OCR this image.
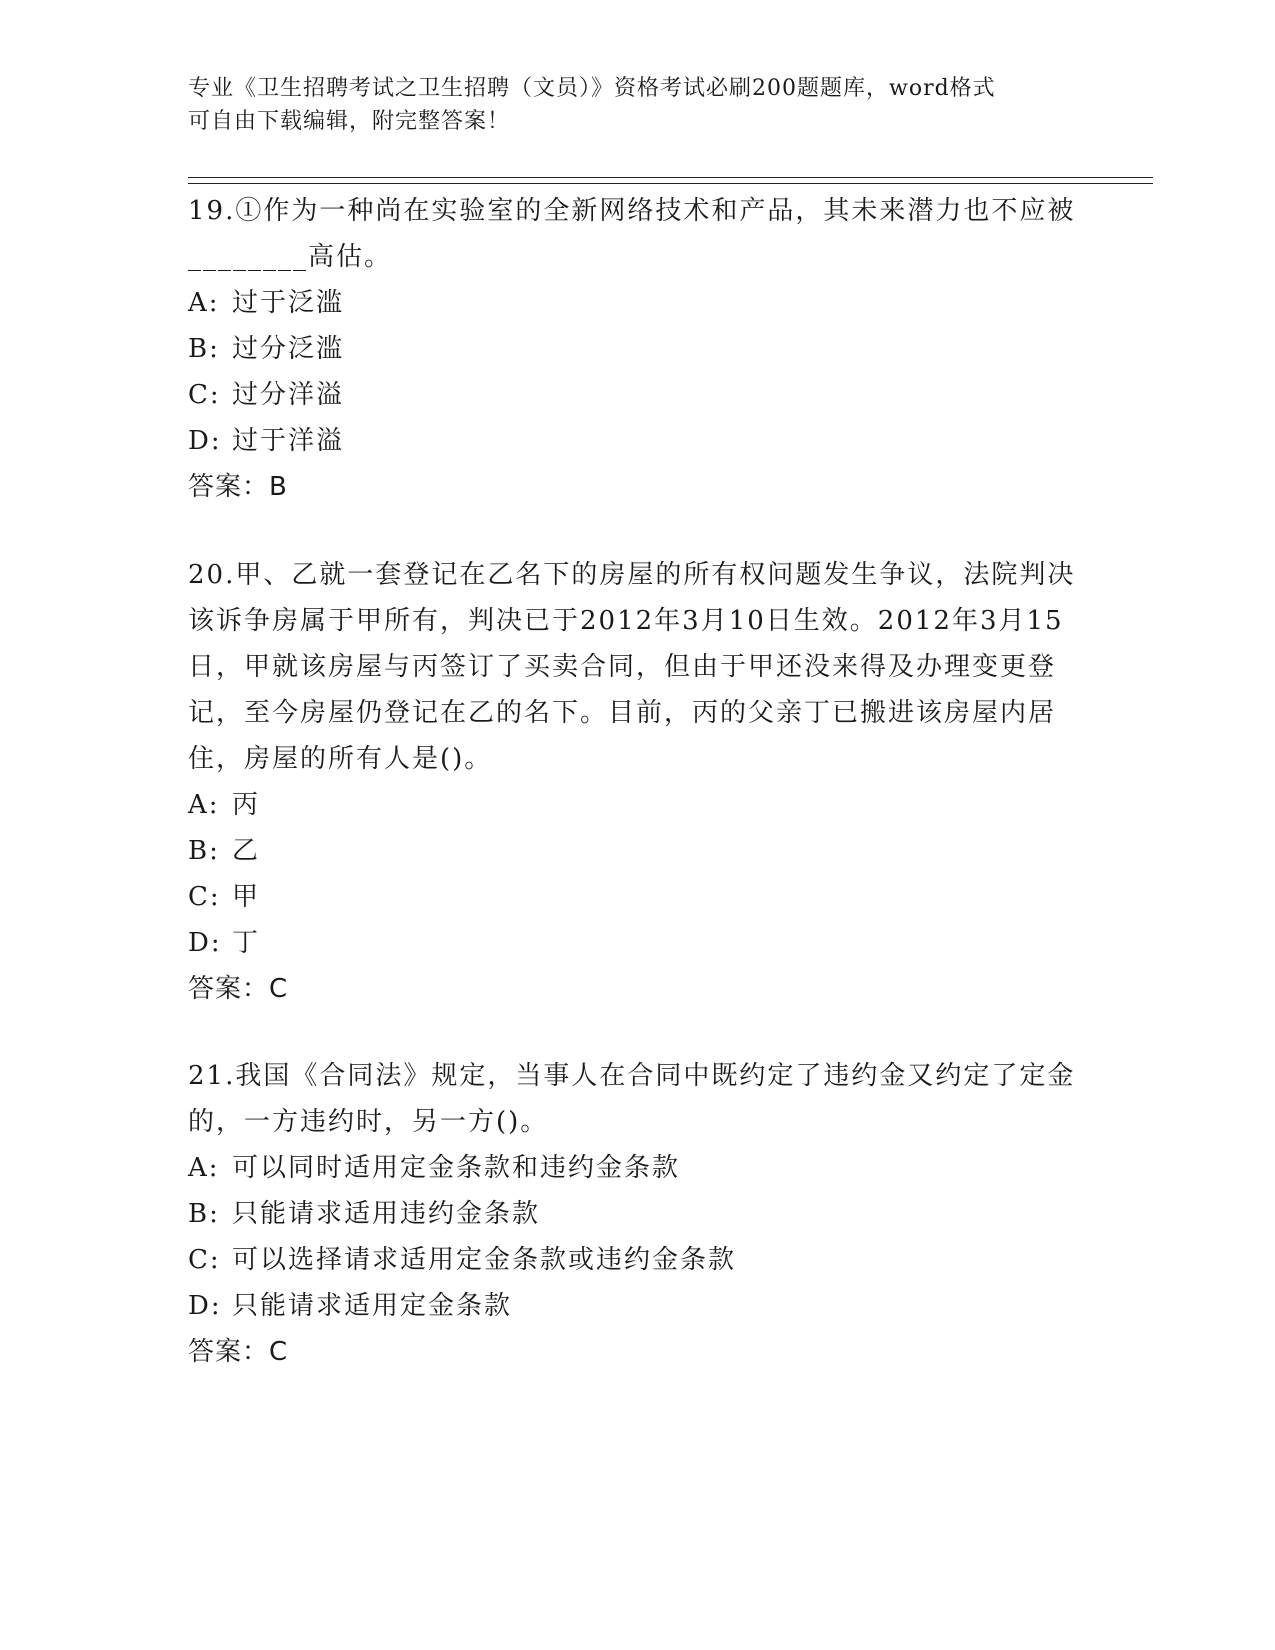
专业《卫生招聘考试之卫生招聘（文员）》资格考试必刷200题题库，word格式
可自由下载编辑，附完整答案！

19.①作为一种尚在实验室的全新网络技术和产品，其未来潜力也不应被________高估。

A: 过于泛滥

B: 过分泛滥

C: 过分洋溢

D: 过于洋溢

答案：B

20.甲、乙就一套登记在乙名下的房屋的所有权问题发生争议，法院判决该诉争房属于甲所有，判决已于2012年3月10日生效。2012年3月15日，甲就该房屋与丙签订了买卖合同，但由于甲还没来得及办理变更登记，至今房屋仍登记在乙的名下。目前，丙的父亲丁已搬进该房屋内居住，房屋的所有人是()。

A: 丙

B: 乙

C: 甲

D: 丁

答案：C

21.我国《合同法》规定，当事人在合同中既约定了违约金又约定了定金的，一方违约时，另一方()。

A: 可以同时适用定金条款和违约金条款

B: 只能请求适用违约金条款

C: 可以选择请求适用定金条款或违约金条款

D: 只能请求适用定金条款

答案：C
